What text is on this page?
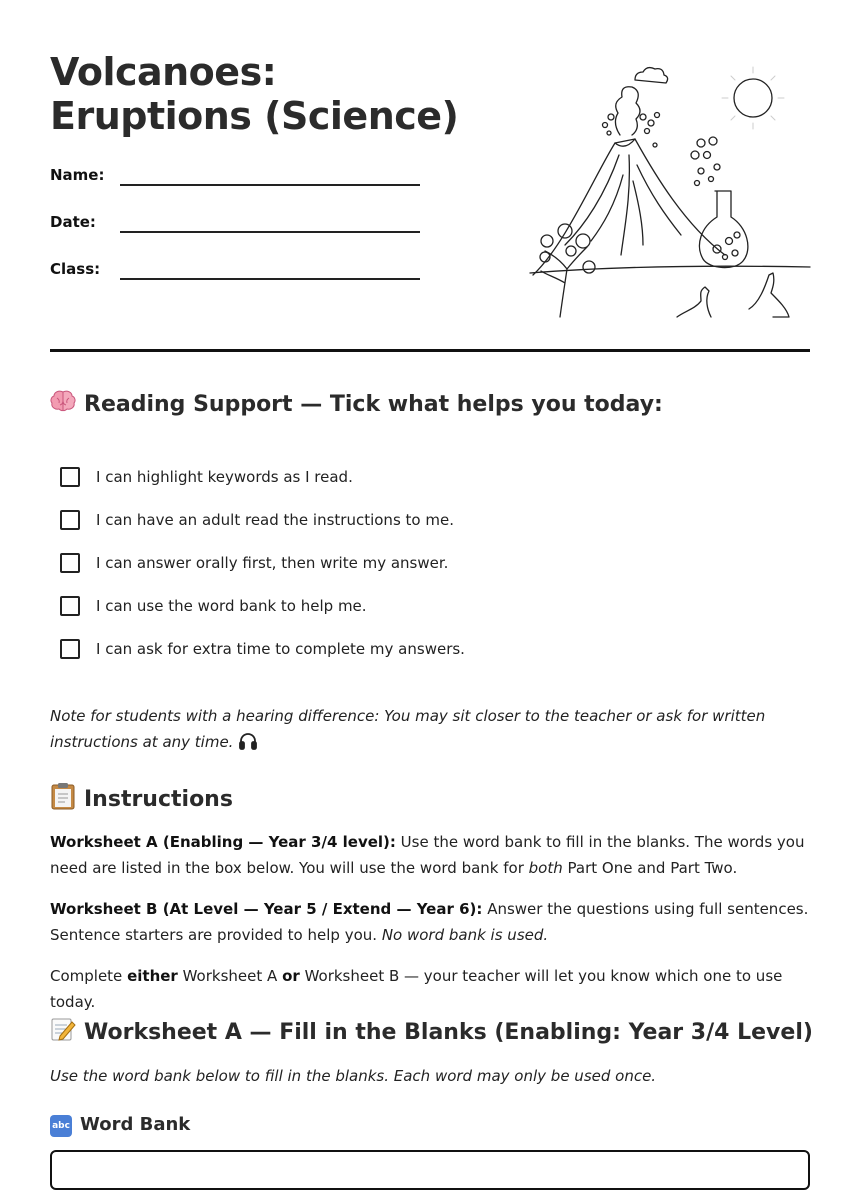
Volcanoes: Eruptions (Science)
Name:
Date:
Class:
Reading Support — Tick what helps you today:
I can highlight keywords as I read.
I can have an adult read the instructions to me.
I can answer orally first, then write my answer.
I can use the word bank to help me.
I can ask for extra time to complete my answers.

Note for students with a hearing difference: You may sit closer to the teacher or ask for written instructions at any time.

Instructions

Worksheet A (Enabling — Year 3/4 level): Use the word bank to fill in the blanks. The words you need are listed in the box below. You will use the word bank for both Part One and Part Two.

Worksheet B (At Level — Year 5 / Extend — Year 6): Answer the questions using full sentences. Sentence starters are provided to help you. No word bank is used.

Complete either Worksheet A or Worksheet B — your teacher will let you know which one to use today.

Worksheet A — Fill in the Blanks (Enabling: Year 3/4 Level)

Use the word bank below to fill in the blanks. Each word may only be used once.

abc Word Bank
